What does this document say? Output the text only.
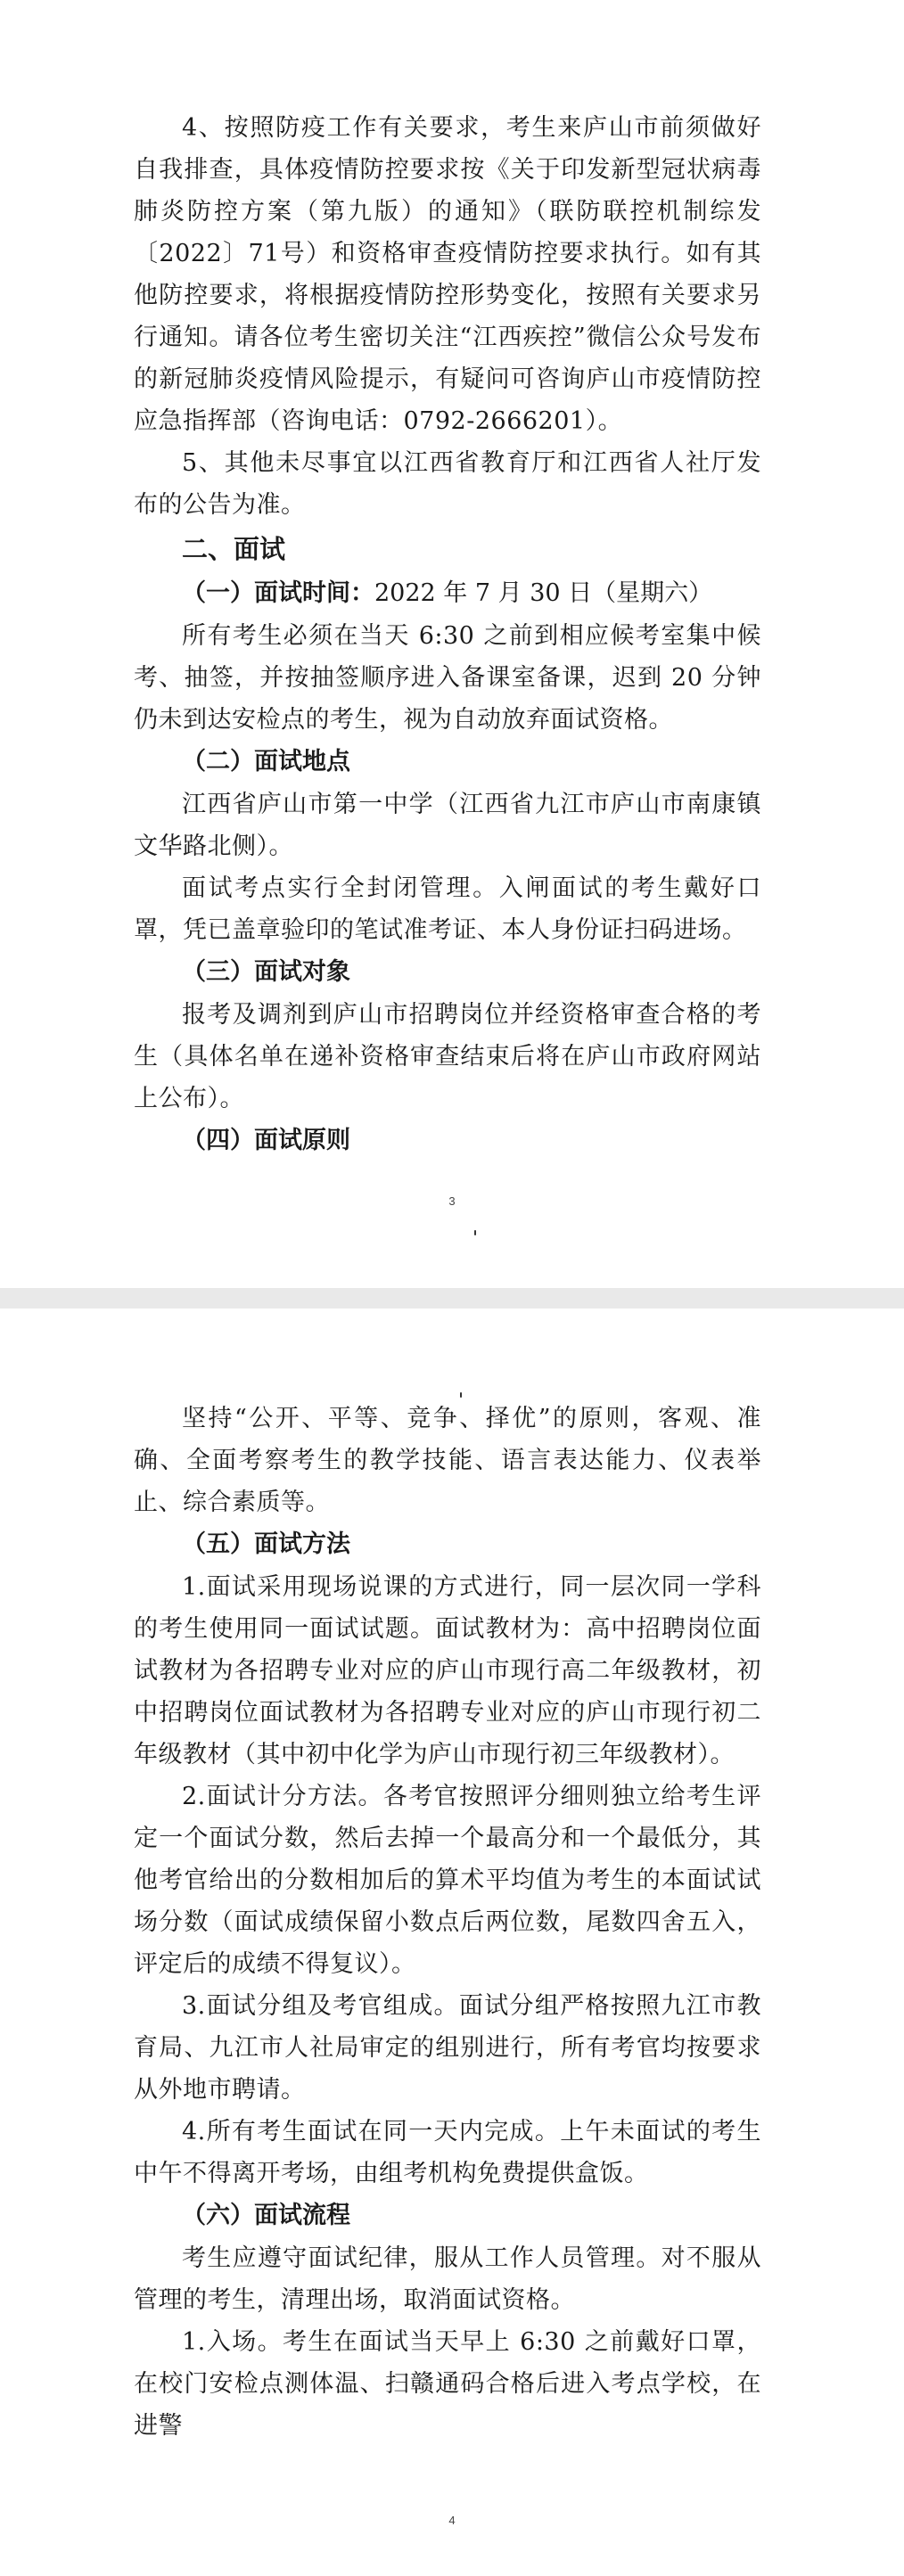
4、按照防疫工作有关要求，考生来庐山市前须做好自我排查，具体疫情防控要求按《关于印发新型冠状病毒肺炎防控方案（第九版）的通知》（联防联控机制综发〔2022〕71号）和资格审查疫情防控要求执行。如有其他防控要求，将根据疫情防控形势变化，按照有关要求另行通知。请各位考生密切关注“江西疾控”微信公众号发布的新冠肺炎疫情风险提示，有疑问可咨询庐山市疫情防控应急指挥部（咨询电话：0792-2666201）。

5、其他未尽事宜以江西省教育厅和江西省人社厅发布的公告为准。

二、面试

（一）面试时间：2022 年 7 月 30 日（星期六）

所有考生必须在当天 6:30 之前到相应候考室集中候考、抽签，并按抽签顺序进入备课室备课，迟到 20 分钟仍未到达安检点的考生，视为自动放弃面试资格。

（二）面试地点

江西省庐山市第一中学（江西省九江市庐山市南康镇文华路北侧）。

面试考点实行全封闭管理。入闸面试的考生戴好口罩，凭已盖章验印的笔试准考证、本人身份证扫码进场。

（三）面试对象

报考及调剂到庐山市招聘岗位并经资格审查合格的考生（具体名单在递补资格审查结束后将在庐山市政府网站上公布）。

（四）面试原则

3

坚持“公开、平等、竞争、择优”的原则，客观、准确、全面考察考生的教学技能、语言表达能力、仪表举止、综合素质等。

（五）面试方法

1.面试采用现场说课的方式进行，同一层次同一学科的考生使用同一面试试题。面试教材为：高中招聘岗位面试教材为各招聘专业对应的庐山市现行高二年级教材，初中招聘岗位面试教材为各招聘专业对应的庐山市现行初二年级教材（其中初中化学为庐山市现行初三年级教材）。

2.面试计分方法。各考官按照评分细则独立给考生评定一个面试分数，然后去掉一个最高分和一个最低分，其他考官给出的分数相加后的算术平均值为考生的本面试试场分数（面试成绩保留小数点后两位数，尾数四舍五入，评定后的成绩不得复议）。

3.面试分组及考官组成。面试分组严格按照九江市教育局、九江市人社局审定的组别进行，所有考官均按要求从外地市聘请。

4.所有考生面试在同一天内完成。上午未面试的考生中午不得离开考场，由组考机构免费提供盒饭。

（六）面试流程

考生应遵守面试纪律，服从工作人员管理。对不服从管理的考生，清理出场，取消面试资格。

1.入场。考生在面试当天早上 6:30 之前戴好口罩，在校门安检点测体温、扫赣通码合格后进入考点学校，在进警

4
